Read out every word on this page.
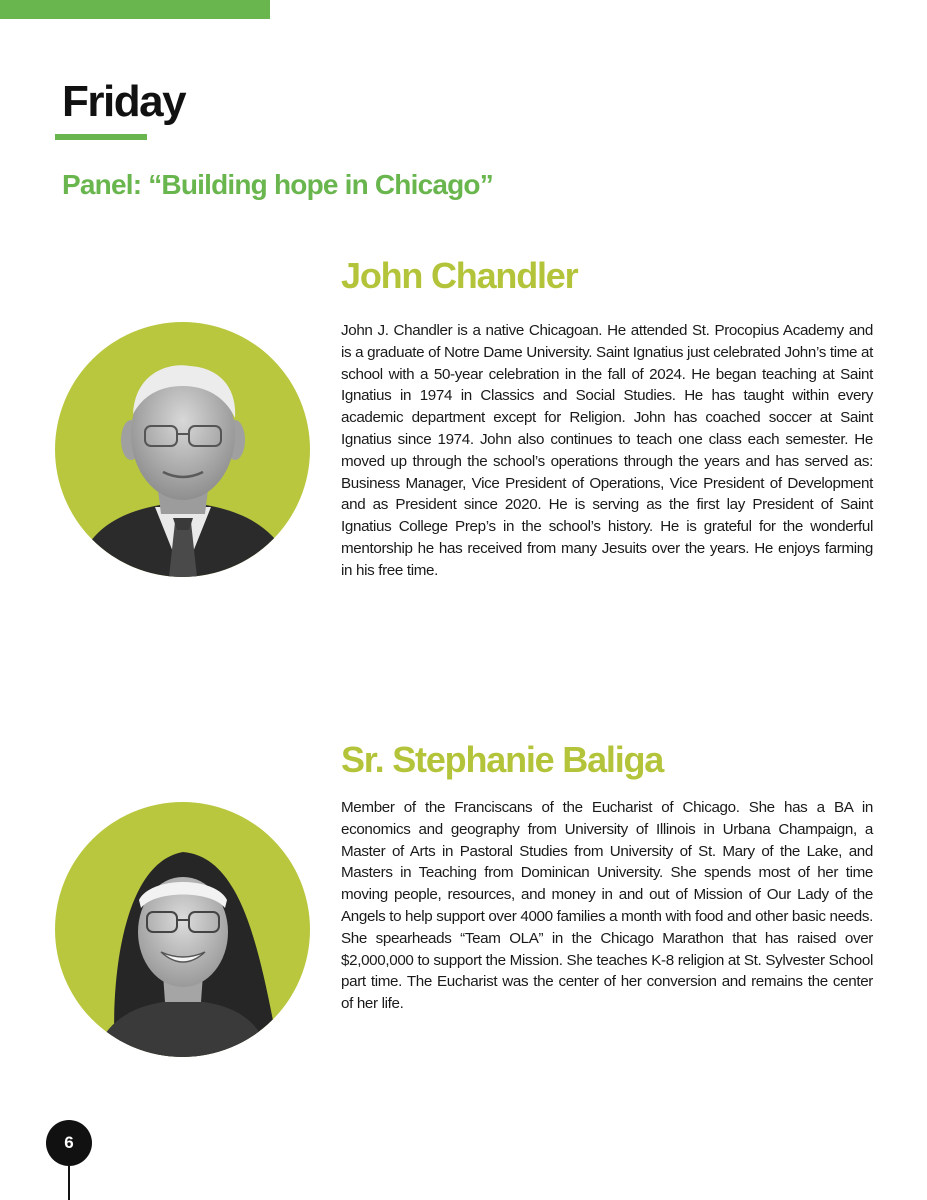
Friday
Panel: “Building hope in Chicago”
John Chandler

John J. Chandler is a native Chicagoan. He attended St. Procopius Academy and is a graduate of Notre Dame University. Saint Ignatius just celebrated John’s time at school with a 50-year celebration in the fall of 2024. He began teaching at Saint Ignatius in 1974 in Classics and Social Studies. He has taught within every academic department except for Religion. John has coached soccer at Saint Ignatius since 1974. John also continues to teach one class each semester. He moved up through the school’s operations through the years and has served as: Business Manager, Vice President of Operations, Vice President of Development and as President since 2020. He is serving as the first lay President of Saint Ignatius College Prep’s in the school’s history. He is grateful for the wonderful mentorship he has received from many Jesuits over the years. He enjoys farming in his free time.

Sr. Stephanie Baliga

Member of the Franciscans of the Eucharist of Chicago. She has a BA in economics and geography from University of Illinois in Urbana Champaign, a Master of Arts in Pastoral Studies from University of St. Mary of the Lake, and Masters in Teaching from Dominican University. She spends most of her time moving people, resources, and money in and out of Mission of Our Lady of the Angels to help support over 4000 families a month with food and other basic needs. She spearheads “Team OLA” in the Chicago Marathon that has raised over $2,000,000 to support the Mission. She teaches K-8 religion at St. Sylvester School part time. The Eucharist was the center of her conversion and remains the center of her life.

6
